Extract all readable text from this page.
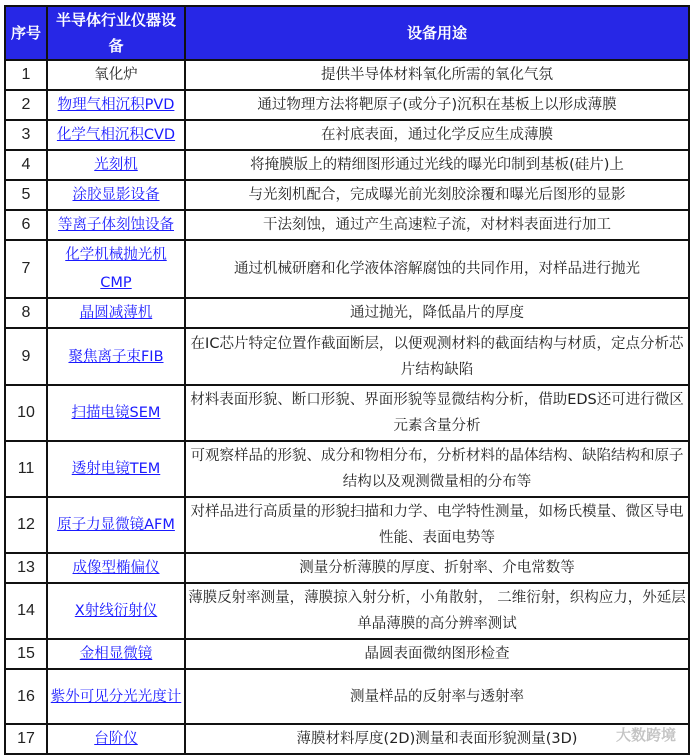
序号	半导体行业仪器设备	设备用途
1	氧化炉	提供半导体材料氧化所需的氧化气氛
2	物理气相沉积PVD	通过物理方法将靶原子(或分子)沉积在基板上以形成薄膜
3	化学气相沉积CVD	在衬底表面，通过化学反应生成薄膜
4	光刻机	将掩膜版上的精细图形通过光线的曝光印制到基板(硅片)上
5	涂胶显影设备	与光刻机配合，完成曝光前光刻胶涂覆和曝光后图形的显影
6	等离子体刻蚀设备	干法刻蚀，通过产生高速粒子流，对材料表面进行加工
7	化学机械抛光机CMP	通过机械研磨和化学液体溶解腐蚀的共同作用，对样品进行抛光
8	晶圆减薄机	通过抛光，降低晶片的厚度
9	聚焦离子束FIB	在IC芯片特定位置作截面断层，以便观测材料的截面结构与材质，定点分析芯片结构缺陷
10	扫描电镜SEM	材料表面形貌、断口形貌、界面形貌等显微结构分析，借助EDS还可进行微区元素含量分析
11	透射电镜TEM	可观察样品的形貌、成分和物相分布，分析材料的晶体结构、缺陷结构和原子结构以及观测微量相的分布等
12	原子力显微镜AFM	对样品进行高质量的形貌扫描和力学、电学特性测量，如杨氏模量、微区导电性能、表面电势等
13	成像型椭偏仪	测量分析薄膜的厚度、折射率、介电常数等
14	X射线衍射仪	薄膜反射率测量，薄膜掠入射分析，小角散射， 二维衍射，织构应力，外延层单晶薄膜的高分辨率测试
15	金相显微镜	晶圆表面微纳图形检查
16	紫外可见分光光度计	测量样品的反射率与透射率
17	台阶仪	薄膜材料厚度(2D)测量和表面形貌测量(3D)	大数跨境
